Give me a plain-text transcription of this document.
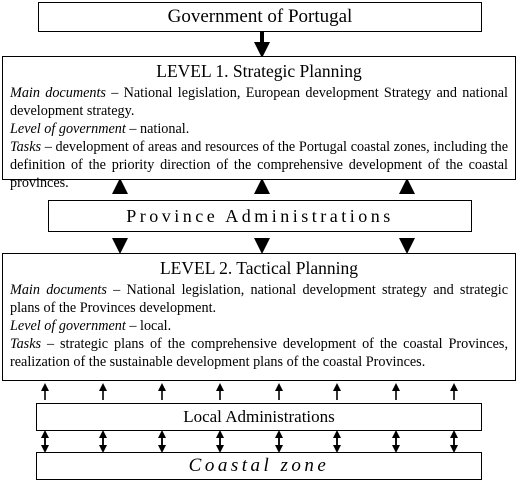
Government of Portugal
LEVEL 1. Strategic Planning
Main documents – National legislation, European development Strategy and national development strategy.
Level of government – national.
Tasks – development of areas and resources of the Portugal coastal zones, including the definition of the priority direction of the comprehensive development of the coastal provinces.
Province Administrations
LEVEL 2. Tactical Planning
Main documents – National legislation, national development strategy and strategic plans of the Provinces development.
Level of government – local.
Tasks – strategic plans of the comprehensive development of the coastal Provinces, realization of the sustainable development plans of the coastal Provinces.
Local Administrations
Coastal zone
